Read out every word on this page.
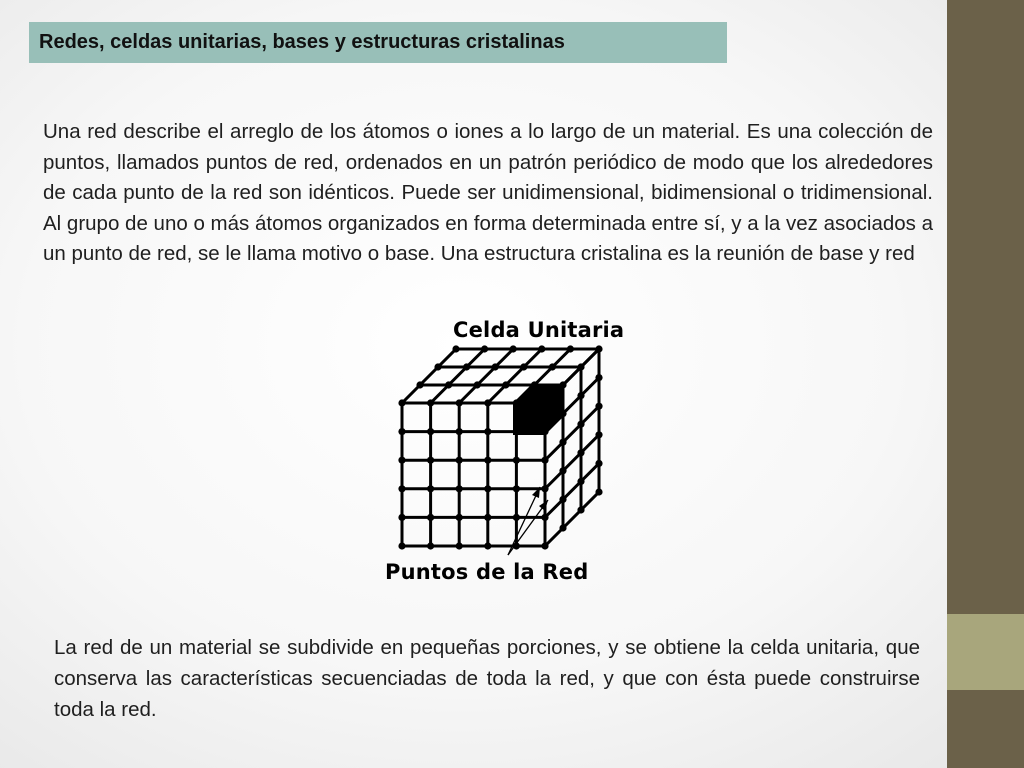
Redes, celdas unitarias, bases y estructuras cristalinas

Una red describe el arreglo de los átomos o iones a lo largo de un material. Es una colección de puntos, llamados puntos de red, ordenados en un patrón periódico de modo que los alrededores de cada punto de la red son idénticos. Puede ser unidimensional, bidimensional o tridimensional. Al grupo de uno o más átomos organizados en forma determinada entre sí, y a la vez asociados a un punto de red, se le llama motivo o base. Una estructura cristalina es la reunión de base y red

Celda Unitaria
Puntos de la Red

La red de un material se subdivide en pequeñas porciones, y se obtiene la celda unitaria, que conserva las características secuenciadas de toda la red, y que con ésta puede construirse toda la red.
